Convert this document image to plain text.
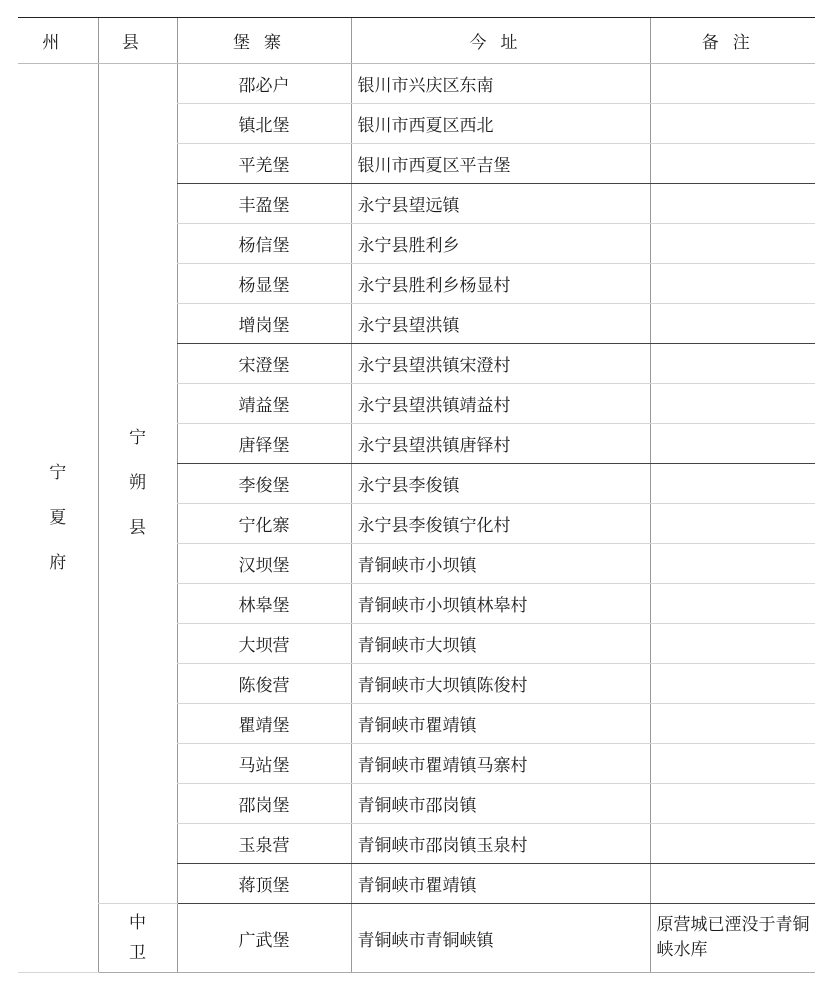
州	县	堡寨	今址	备注
宁夏府	宁朔县	邵必户	银川市兴庆区东南	
		镇北堡	银川市西夏区西北	
		平羌堡	银川市西夏区平吉堡	
		丰盈堡	永宁县望远镇	
		杨信堡	永宁县胜利乡	
		杨显堡	永宁县胜利乡杨显村	
		增岗堡	永宁县望洪镇	
		宋澄堡	永宁县望洪镇宋澄村	
		靖益堡	永宁县望洪镇靖益村	
		唐铎堡	永宁县望洪镇唐铎村	
		李俊堡	永宁县李俊镇	
		宁化寨	永宁县李俊镇宁化村	
		汉坝堡	青铜峡市小坝镇	
		林皋堡	青铜峡市小坝镇林皋村	
		大坝营	青铜峡市大坝镇	
		陈俊营	青铜峡市大坝镇陈俊村	
		瞿靖堡	青铜峡市瞿靖镇	
		马站堡	青铜峡市瞿靖镇马寨村	
		邵岗堡	青铜峡市邵岗镇	
		玉泉营	青铜峡市邵岗镇玉泉村	
		蒋顶堡	青铜峡市瞿靖镇	
	中卫	广武堡	青铜峡市青铜峡镇	原营城已湮没于青铜峡水库
